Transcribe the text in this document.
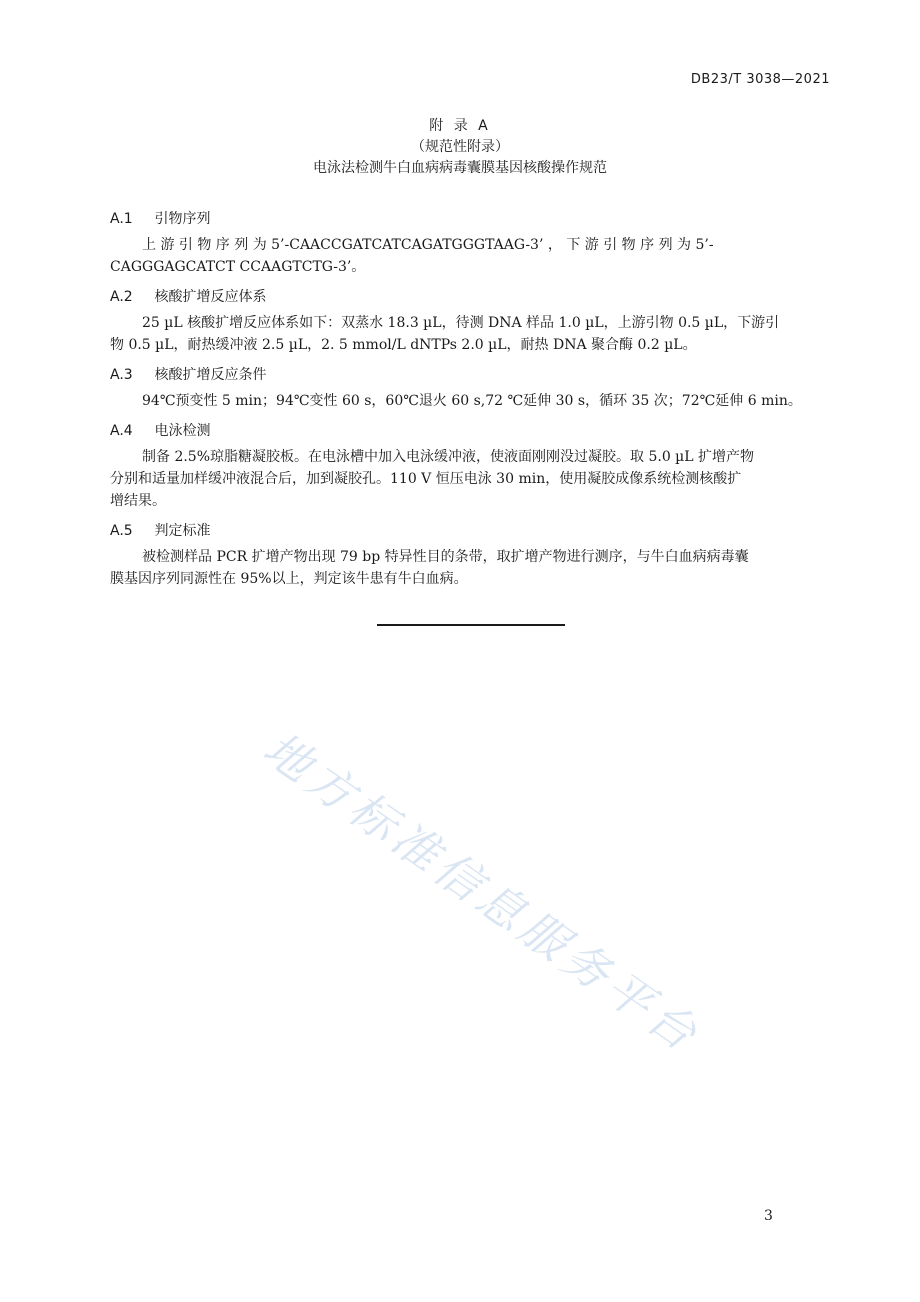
DB23/T 3038—2021
附 录 A
（规范性附录）
电泳法检测牛白血病病毒囊膜基因核酸操作规范
A.1 引物序列
上 游 引 物 序 列 为 5’-CAACCGATCATCAGATGGGTAAG-3’ ， 下 游 引 物 序 列 为 5’-
CAGGGAGCATCT CCAAGTCTG-3’。
A.2 核酸扩增反应体系
25 µL 核酸扩增反应体系如下：双蒸水 18.3 µL，待测 DNA 样品 1.0 µL，上游引物 0.5 µL，下游引
物 0.5 µL，耐热缓冲液 2.5 µL，2. 5 mmol/L dNTPs 2.0 µL，耐热 DNA 聚合酶 0.2 µL。
A.3 核酸扩增反应条件
94℃预变性 5 min；94℃变性 60 s，60℃退火 60 s,72 ℃延伸 30 s，循环 35 次；72℃延伸 6 min。
A.4 电泳检测
制备 2.5%琼脂糖凝胶板。在电泳槽中加入电泳缓冲液，使液面刚刚没过凝胶。取 5.0 µL 扩增产物
分别和适量加样缓冲液混合后，加到凝胶孔。110 V 恒压电泳 30 min，使用凝胶成像系统检测核酸扩
增结果。
A.5 判定标准
被检测样品 PCR 扩增产物出现 79 bp 特异性目的条带，取扩增产物进行测序，与牛白血病病毒囊
膜基因序列同源性在 95%以上，判定该牛患有牛白血病。
地方标准信息服务平台
3
